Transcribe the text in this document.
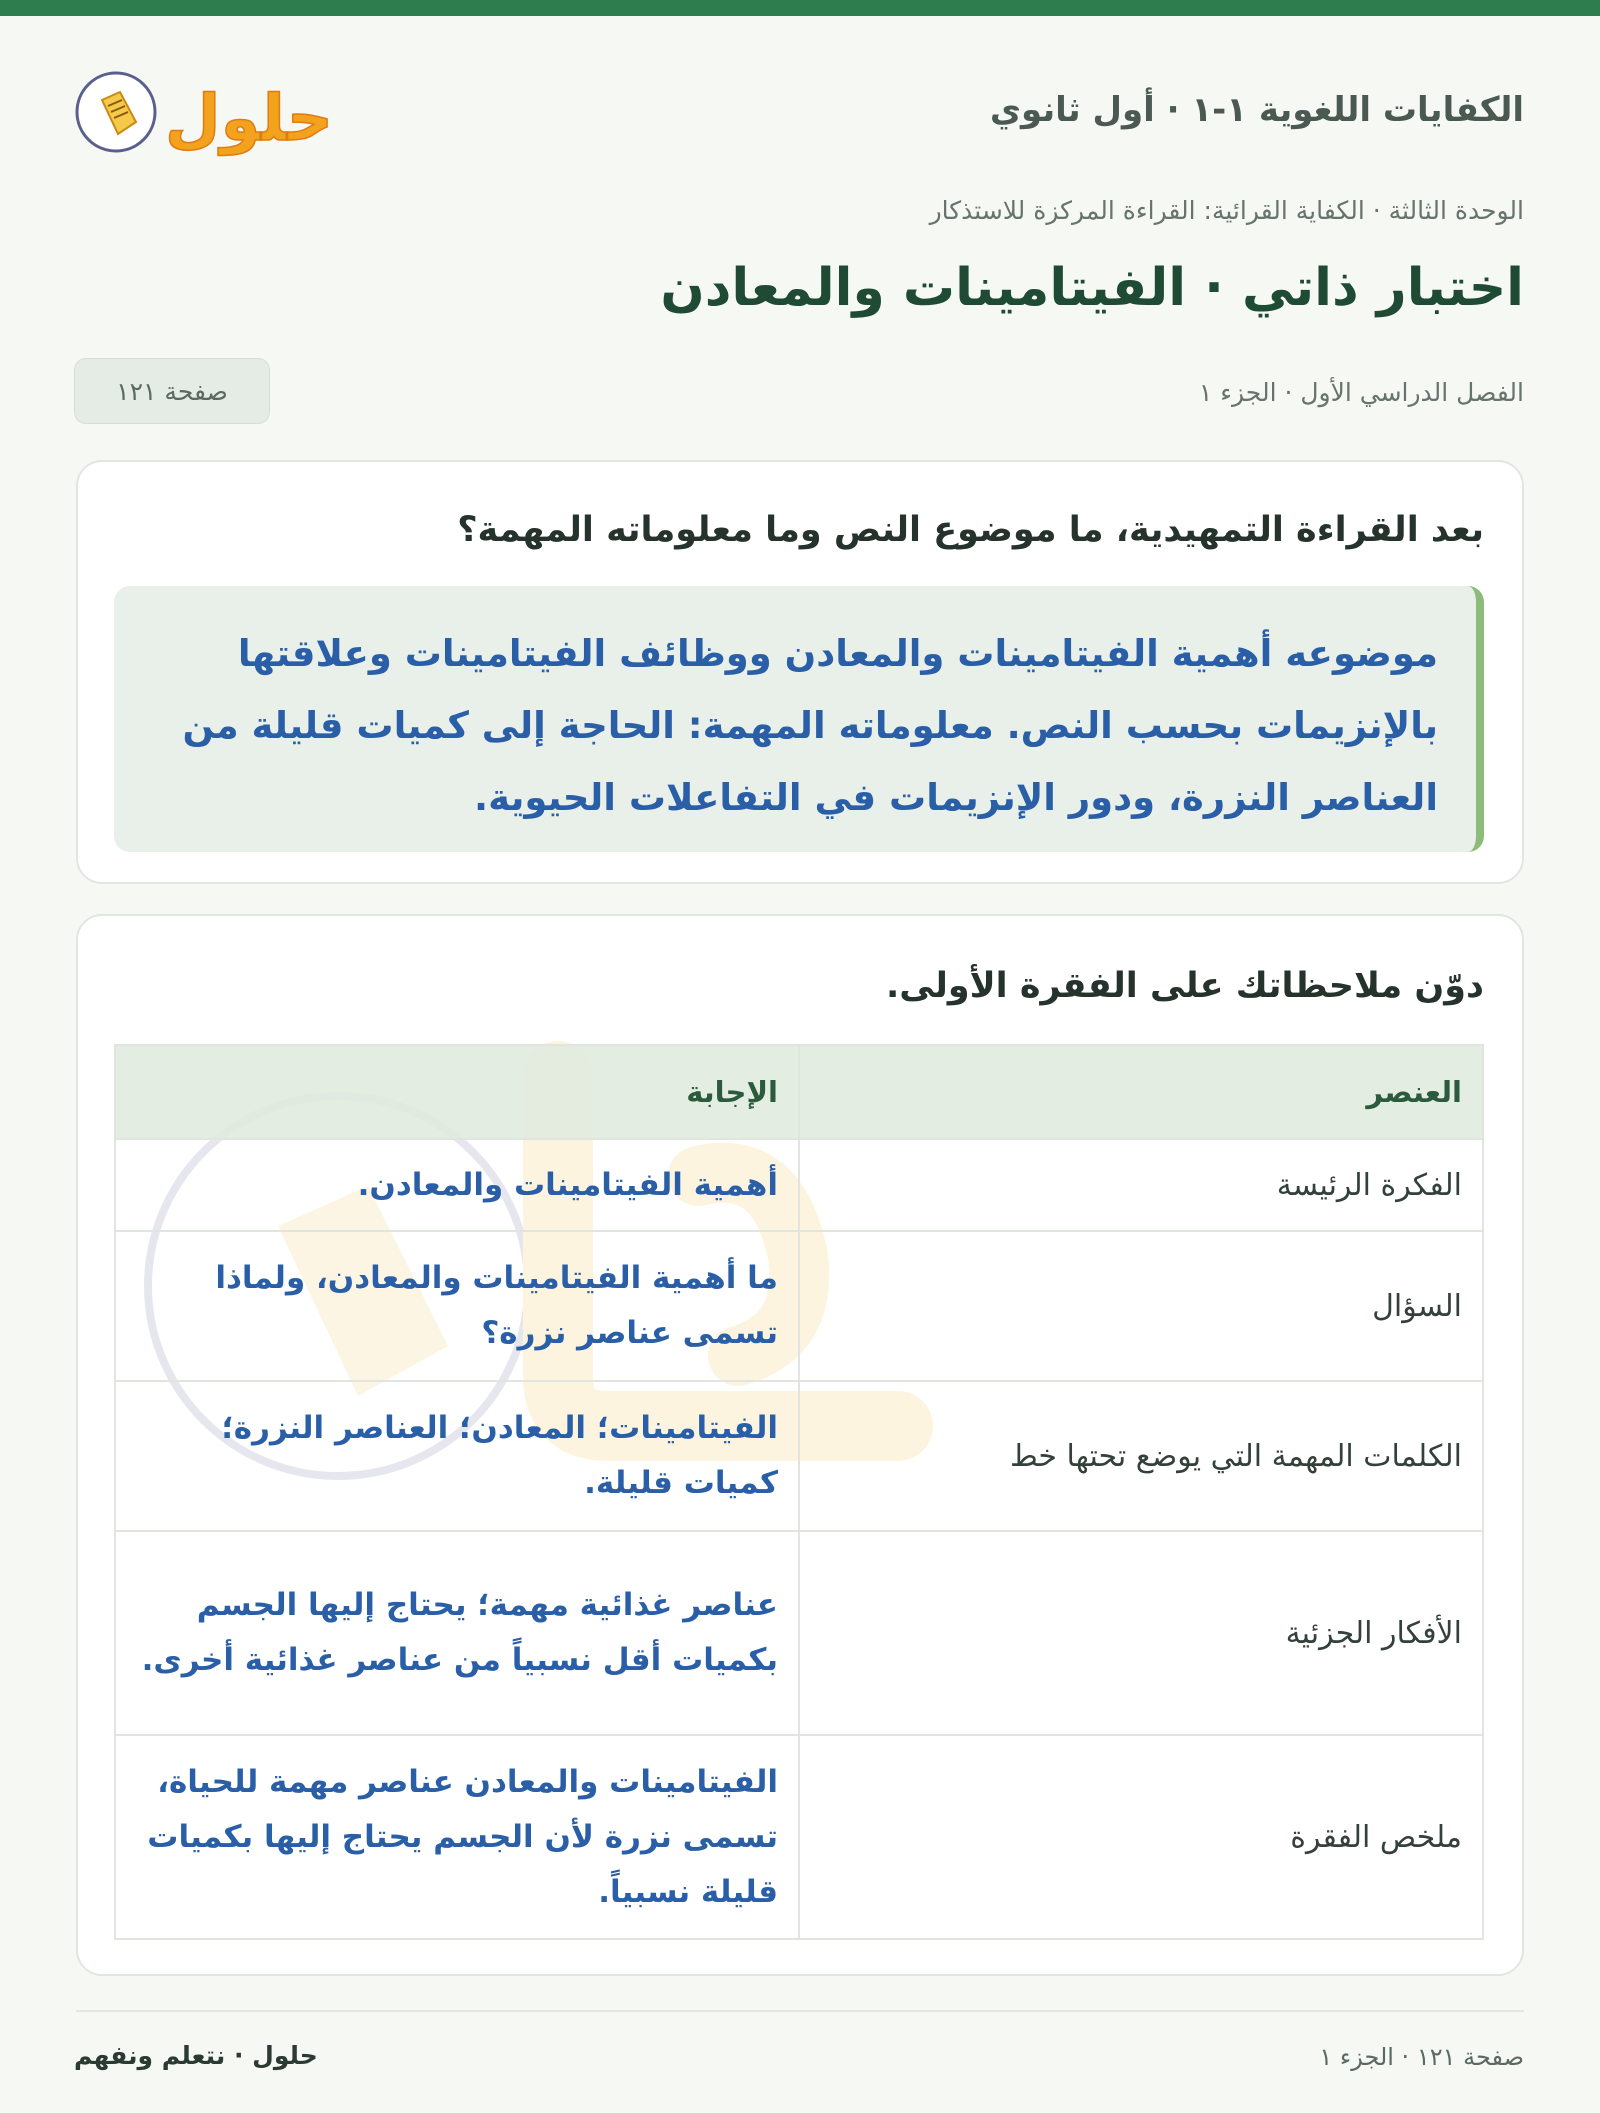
الكفايات اللغوية ١-١ · أول ثانوي
حلول
الوحدة الثالثة · الكفاية القرائية: القراءة المركزة للاستذكار
اختبار ذاتي · الفيتامينات والمعادن
الفصل الدراسي الأول · الجزء ١
صفحة ١٢١
بعد القراءة التمهيدية، ما موضوع النص وما معلوماته المهمة؟

موضوعه أهمية الفيتامينات والمعادن ووظائف الفيتامينات وعلاقتها بالإنزيمات بحسب النص. معلوماته المهمة: الحاجة إلى كميات قليلة من العناصر النزرة، ودور الإنزيمات في التفاعلات الحيوية.

دوّن ملاحظاتك على الفقرة الأولى.
العنصر	الإجابة
الفكرة الرئيسة	أهمية الفيتامينات والمعادن.
السؤال	ما أهمية الفيتامينات والمعادن، ولماذا تسمى عناصر نزرة؟
الكلمات المهمة التي يوضع تحتها خط	الفيتامينات؛ المعادن؛ العناصر النزرة؛ كميات قليلة.
الأفكار الجزئية	عناصر غذائية مهمة؛ يحتاج إليها الجسم بكميات أقل نسبياً من عناصر غذائية أخرى.
ملخص الفقرة	الفيتامينات والمعادن عناصر مهمة للحياة، تسمى نزرة لأن الجسم يحتاج إليها بكميات قليلة نسبياً.
صفحة ١٢١ · الجزء ١
حلول · نتعلم ونفهم
